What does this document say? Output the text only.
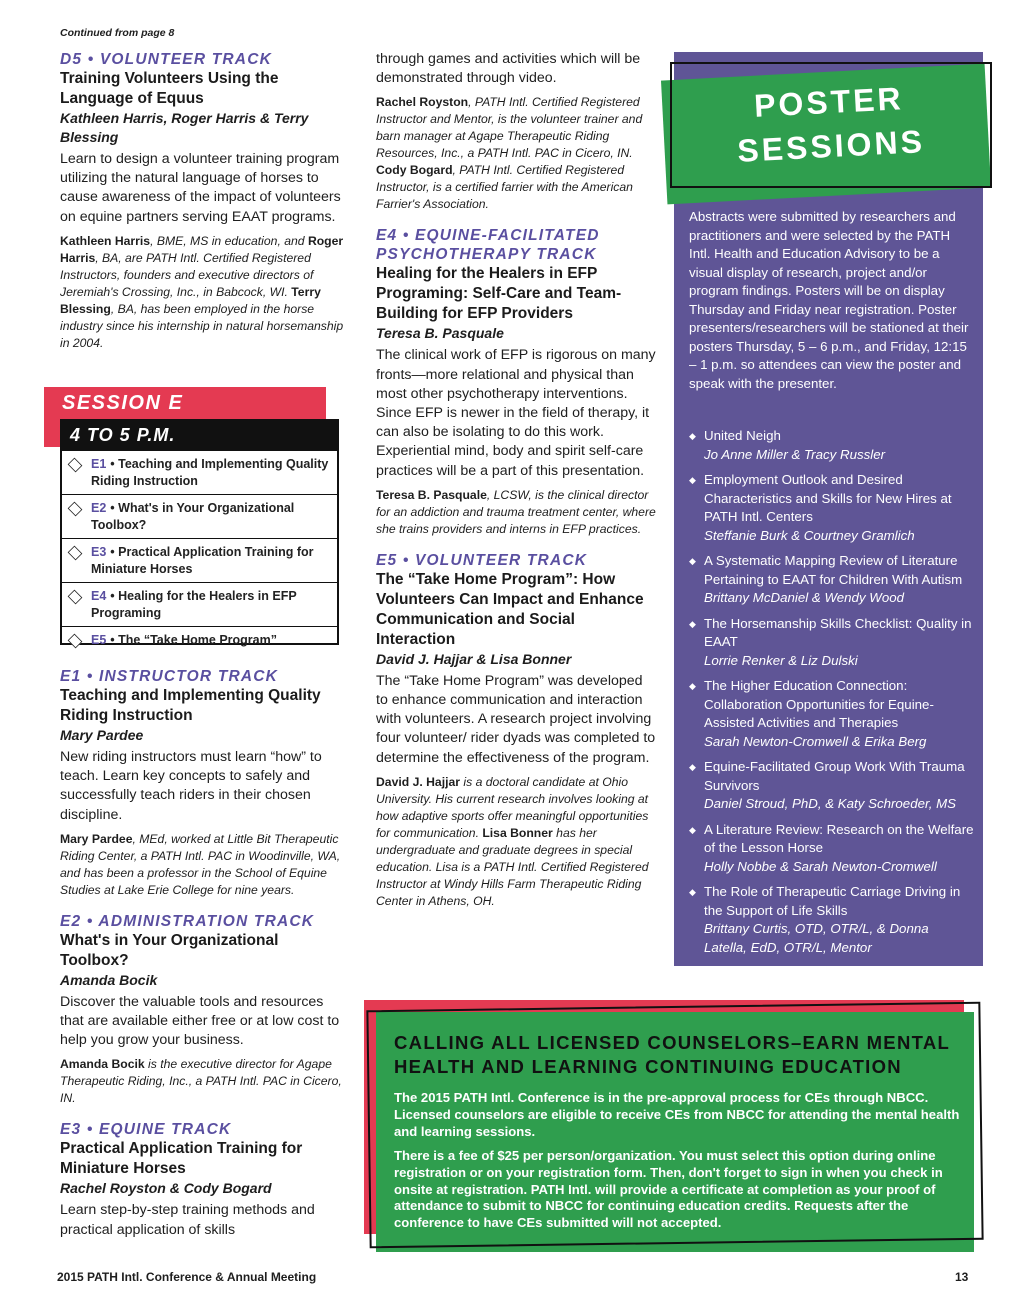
Continued from page 8
D5 • VOLUNTEER TRACK
Training Volunteers Using the Language of Equus
Kathleen Harris, Roger Harris & Terry Blessing
Learn to design a volunteer training program utilizing the natural language of horses to cause awareness of the impact of volunteers on equine partners serving EAAT programs.
Kathleen Harris, BME, MS in education, and Roger Harris, BA, are PATH Intl. Certified Registered Instructors, founders and executive directors of Jeremiah's Crossing, Inc., in Babcock, WI. Terry Blessing, BA, has been employed in the horse industry since his internship in natural horsemanship in 2004.
SESSION E
4 TO 5 P.M.
E1 • Teaching and Implementing Quality Riding Instruction
E2 • What's in Your Organizational Toolbox?
E3 • Practical Application Training for Miniature Horses
E4 • Healing for the Healers in EFP Programing
E5 • The “Take Home Program”
E1 • INSTRUCTOR TRACK
Teaching and Implementing Quality Riding Instruction
Mary Pardee
New riding instructors must learn “how” to teach. Learn key concepts to safely and successfully teach riders in their chosen discipline.
Mary Pardee, MEd, worked at Little Bit Therapeutic Riding Center, a PATH Intl. PAC in Woodinville, WA, and has been a professor in the School of Equine Studies at Lake Erie College for nine years.
E2 • ADMINISTRATION TRACK
What's in Your Organizational Toolbox?
Amanda Bocik
Discover the valuable tools and resources that are available either free or at low cost to help you grow your business.
Amanda Bocik is the executive director for Agape Therapeutic Riding, Inc., a PATH Intl. PAC in Cicero, IN.
E3 • EQUINE TRACK
Practical Application Training for Miniature Horses
Rachel Royston & Cody Bogard
Learn step-by-step training methods and practical application of skills
through games and activities which will be demonstrated through video.
Rachel Royston, PATH Intl. Certified Registered Instructor and Mentor, is the volunteer trainer and barn manager at Agape Therapeutic Riding Resources, Inc., a PATH Intl. PAC in Cicero, IN. Cody Bogard, PATH Intl. Certified Registered Instructor, is a certified farrier with the American Farrier's Association.
E4 • EQUINE-FACILITATED PSYCHOTHERAPY TRACK
Healing for the Healers in EFP Programing: Self-Care and Team-Building for EFP Providers
Teresa B. Pasquale
The clinical work of EFP is rigorous on many fronts—more relational and physical than most other psychotherapy interventions. Since EFP is newer in the field of therapy, it can also be isolating to do this work. Experiential mind, body and spirit self-care practices will be a part of this presentation.
Teresa B. Pasquale, LCSW, is the clinical director for an addiction and trauma treatment center, where she trains providers and interns in EFP practices.
E5 • VOLUNTEER TRACK
The “Take Home Program”: How Volunteers Can Impact and Enhance Communication and Social Interaction
David J. Hajjar & Lisa Bonner
The “Take Home Program” was developed to enhance communication and interaction with volunteers. A research project involving four volunteer/ rider dyads was completed to determine the effectiveness of the program.
David J. Hajjar is a doctoral candidate at Ohio University. His current research involves looking at how adaptive sports offer meaningful opportunities for communication. Lisa Bonner has her undergraduate and graduate degrees in special education. Lisa is a PATH Intl. Certified Registered Instructor at Windy Hills Farm Therapeutic Riding Center in Athens, OH.
POSTER
SESSIONS
Abstracts were submitted by researchers and practitioners and were selected by the PATH Intl. Health and Education Advisory to be a visual display of research, project and/or program findings. Posters will be on display Thursday and Friday near registration. Poster presenters/researchers will be stationed at their posters Thursday, 5 – 6 p.m., and Friday, 12:15 – 1 p.m. so attendees can view the poster and speak with the presenter.
◆ United Neigh
Jo Anne Miller & Tracy Russler
◆ Employment Outlook and Desired Characteristics and Skills for New Hires at PATH Intl. Centers
Steffanie Burk & Courtney Gramlich
◆ A Systematic Mapping Review of Literature Pertaining to EAAT for Children With Autism
Brittany McDaniel & Wendy Wood
◆ The Horsemanship Skills Checklist: Quality in EAAT
Lorrie Renker & Liz Dulski
◆ The Higher Education Connection: Collaboration Opportunities for Equine-Assisted Activities and Therapies
Sarah Newton-Cromwell & Erika Berg
◆ Equine-Facilitated Group Work With Trauma Survivors
Daniel Stroud, PhD, & Katy Schroeder, MS
◆ A Literature Review: Research on the Welfare of the Lesson Horse
Holly Nobbe & Sarah Newton-Cromwell
◆ The Role of Therapeutic Carriage Driving in the Support of Life Skills
Brittany Curtis, OTD, OTR/L, & Donna Latella, EdD, OTR/L, Mentor
CALLING ALL LICENSED COUNSELORS–EARN MENTAL HEALTH AND LEARNING CONTINUING EDUCATION
The 2015 PATH Intl. Conference is in the pre-approval process for CEs through NBCC. Licensed counselors are eligible to receive CEs from NBCC for attending the mental health and learning sessions.
There is a fee of $25 per person/organization. You must select this option during online registration or on your registration form. Then, don't forget to sign in when you check in onsite at registration. PATH Intl. will provide a certificate at completion as your proof of attendance to submit to NBCC for continuing education credits. Requests after the conference to have CEs submitted will not accepted.
2015 PATH Intl. Conference & Annual Meeting	13
